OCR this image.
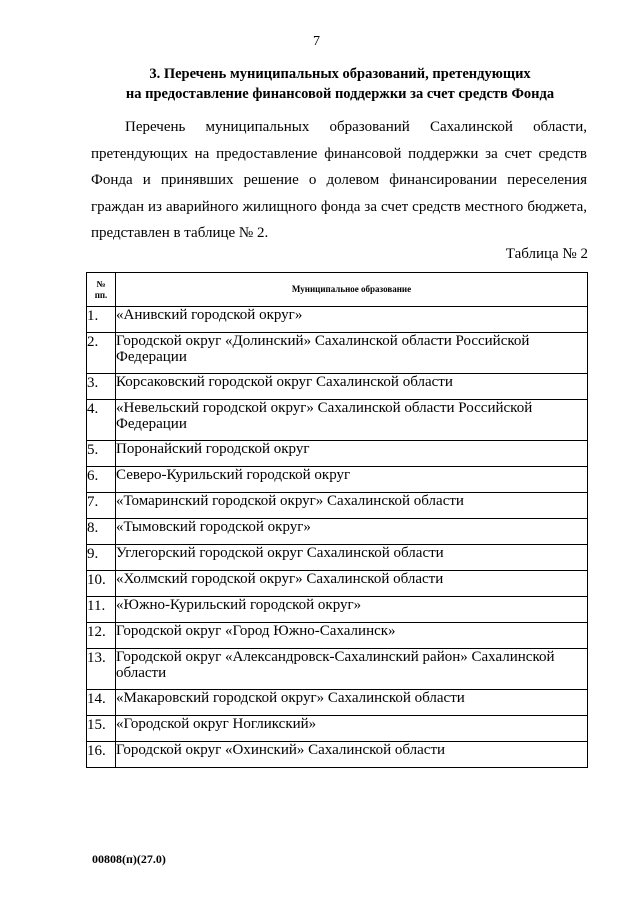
7
3. Перечень муниципальных образований, претендующих
на предоставление финансовой поддержки за счет средств Фонда
Перечень муниципальных образований Сахалинской области, претендующих на предоставление финансовой поддержки за счет средств Фонда и принявших решение о долевом финансировании переселения граждан из аварийного жилищного фонда за счет средств местного бюджета, представлен в таблице № 2.
Таблица № 2
№
пп.	Муниципальное образование
1.	«Анивский городской округ»
2.	Городской округ «Долинский» Сахалинской области Российской Федерации
3.	Корсаковский городской округ Сахалинской области
4.	«Невельский городской округ» Сахалинской области Российской Федерации
5.	Поронайский городской округ
6.	Северо-Курильский городской округ
7.	«Томаринский городской округ» Сахалинской области
8.	«Тымовский городской округ»
9.	Углегорский городской округ Сахалинской области
10.	«Холмский городской округ» Сахалинской области
11.	«Южно-Курильский городской округ»
12.	Городской округ «Город Южно-Сахалинск»
13.	Городской округ «Александровск-Сахалинский район» Сахалинской области
14.	«Макаровский городской округ» Сахалинской области
15.	«Городской округ Ногликский»
16.	Городской округ «Охинский» Сахалинской области
00808(п)(27.0)
